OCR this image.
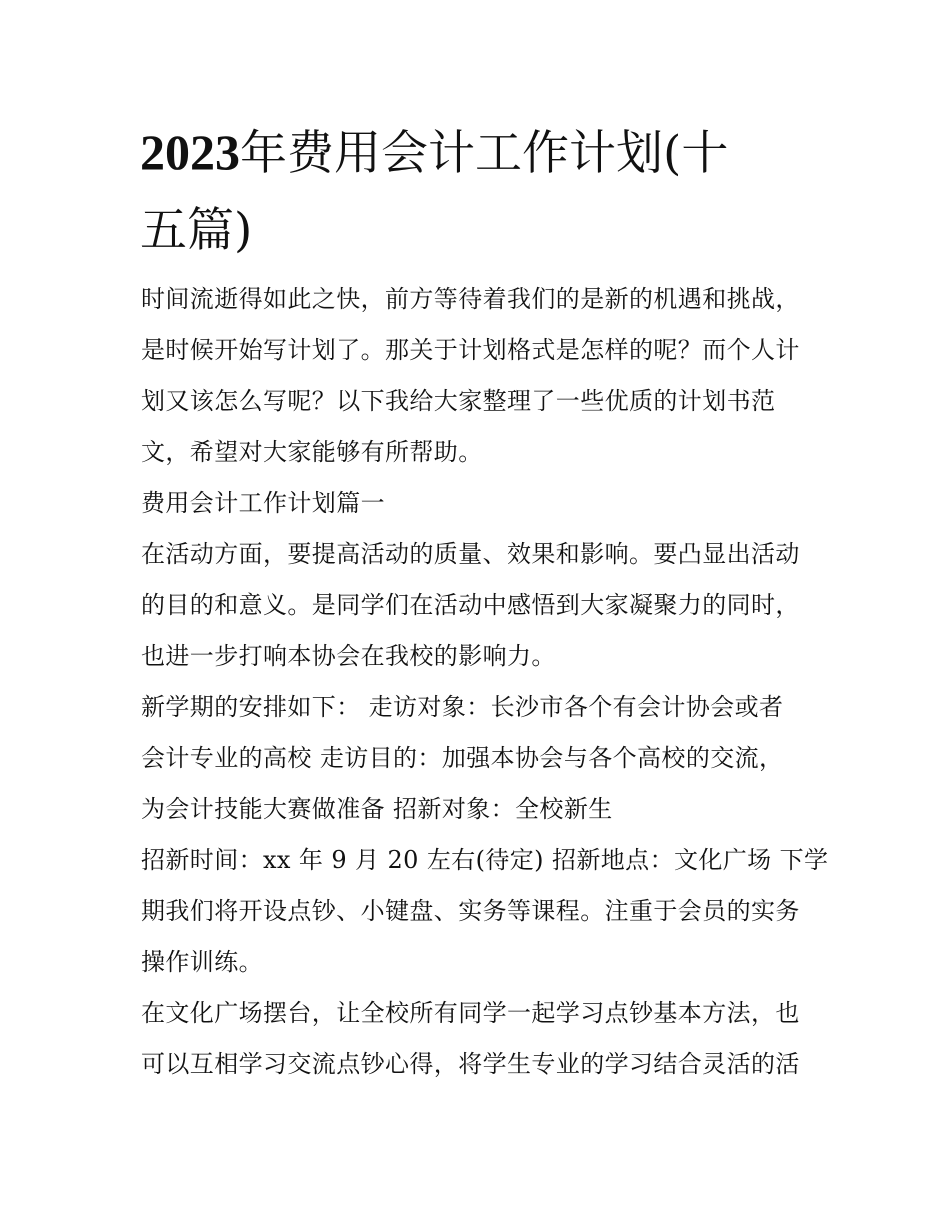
2023年费用会计工作计划(十
五篇)

时间流逝得如此之快，前方等待着我们的是新的机遇和挑战，

是时候开始写计划了。那关于计划格式是怎样的呢？而个人计

划又该怎么写呢？以下我给大家整理了一些优质的计划书范

文，希望对大家能够有所帮助。

费用会计工作计划篇一

在活动方面，要提高活动的质量、效果和影响。要凸显出活动

的目的和意义。是同学们在活动中感悟到大家凝聚力的同时，

也进一步打响本协会在我校的影响力。

新学期的安排如下： 走访对象：长沙市各个有会计协会或者

会计专业的高校 走访目的：加强本协会与各个高校的交流，

为会计技能大赛做准备 招新对象：全校新生

招新时间：xx 年 9 月 20 左右(待定) 招新地点：文化广场 下学

期我们将开设点钞、小键盘、实务等课程。注重于会员的实务

操作训练。

在文化广场摆台，让全校所有同学一起学习点钞基本方法，也

可以互相学习交流点钞心得，将学生专业的学习结合灵活的活
